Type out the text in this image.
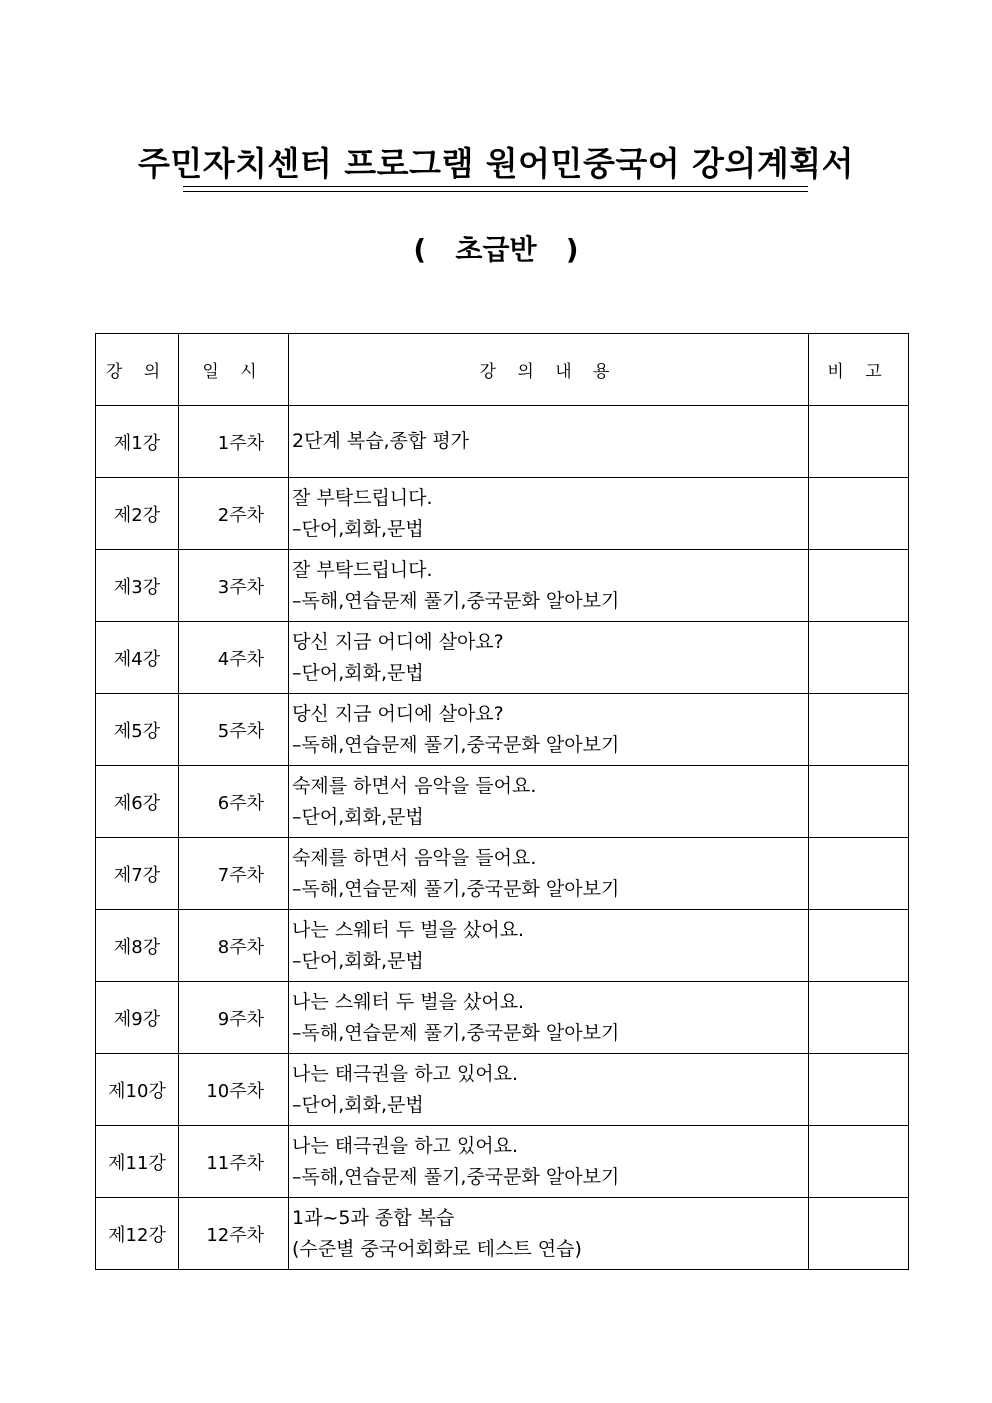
주민자치센터 프로그램 원어민중국어 강의계획서
(   초급반   )
강 의	일 시	강 의 내 용	비 고
제1강	1주차	2단계 복습,종합 평가	

제2강	2주차	잘 부탁드립니다.
–단어,회화,문법	

제3강	3주차	잘 부탁드립니다.
–독해,연습문제 풀기,중국문화 알아보기	

제4강	4주차	당신 지금 어디에 살아요?
–단어,회화,문법	

제5강	5주차	당신 지금 어디에 살아요?
–독해,연습문제 풀기,중국문화 알아보기	

제6강	6주차	숙제를 하면서 음악을 들어요.
–단어,회화,문법	

제7강	7주차	숙제를 하면서 음악을 들어요.
–독해,연습문제 풀기,중국문화 알아보기	

제8강	8주차	나는 스웨터 두 벌을 샀어요.
–단어,회화,문법	

제9강	9주차	나는 스웨터 두 벌을 샀어요.
–독해,연습문제 풀기,중국문화 알아보기	

제10강	10주차	나는 태극권을 하고 있어요.
–단어,회화,문법	

제11강	11주차	나는 태극권을 하고 있어요.
–독해,연습문제 풀기,중국문화 알아보기	

제12강	12주차	1과~5과 종합 복습
(수준별 중국어회화로 테스트 연습)	
